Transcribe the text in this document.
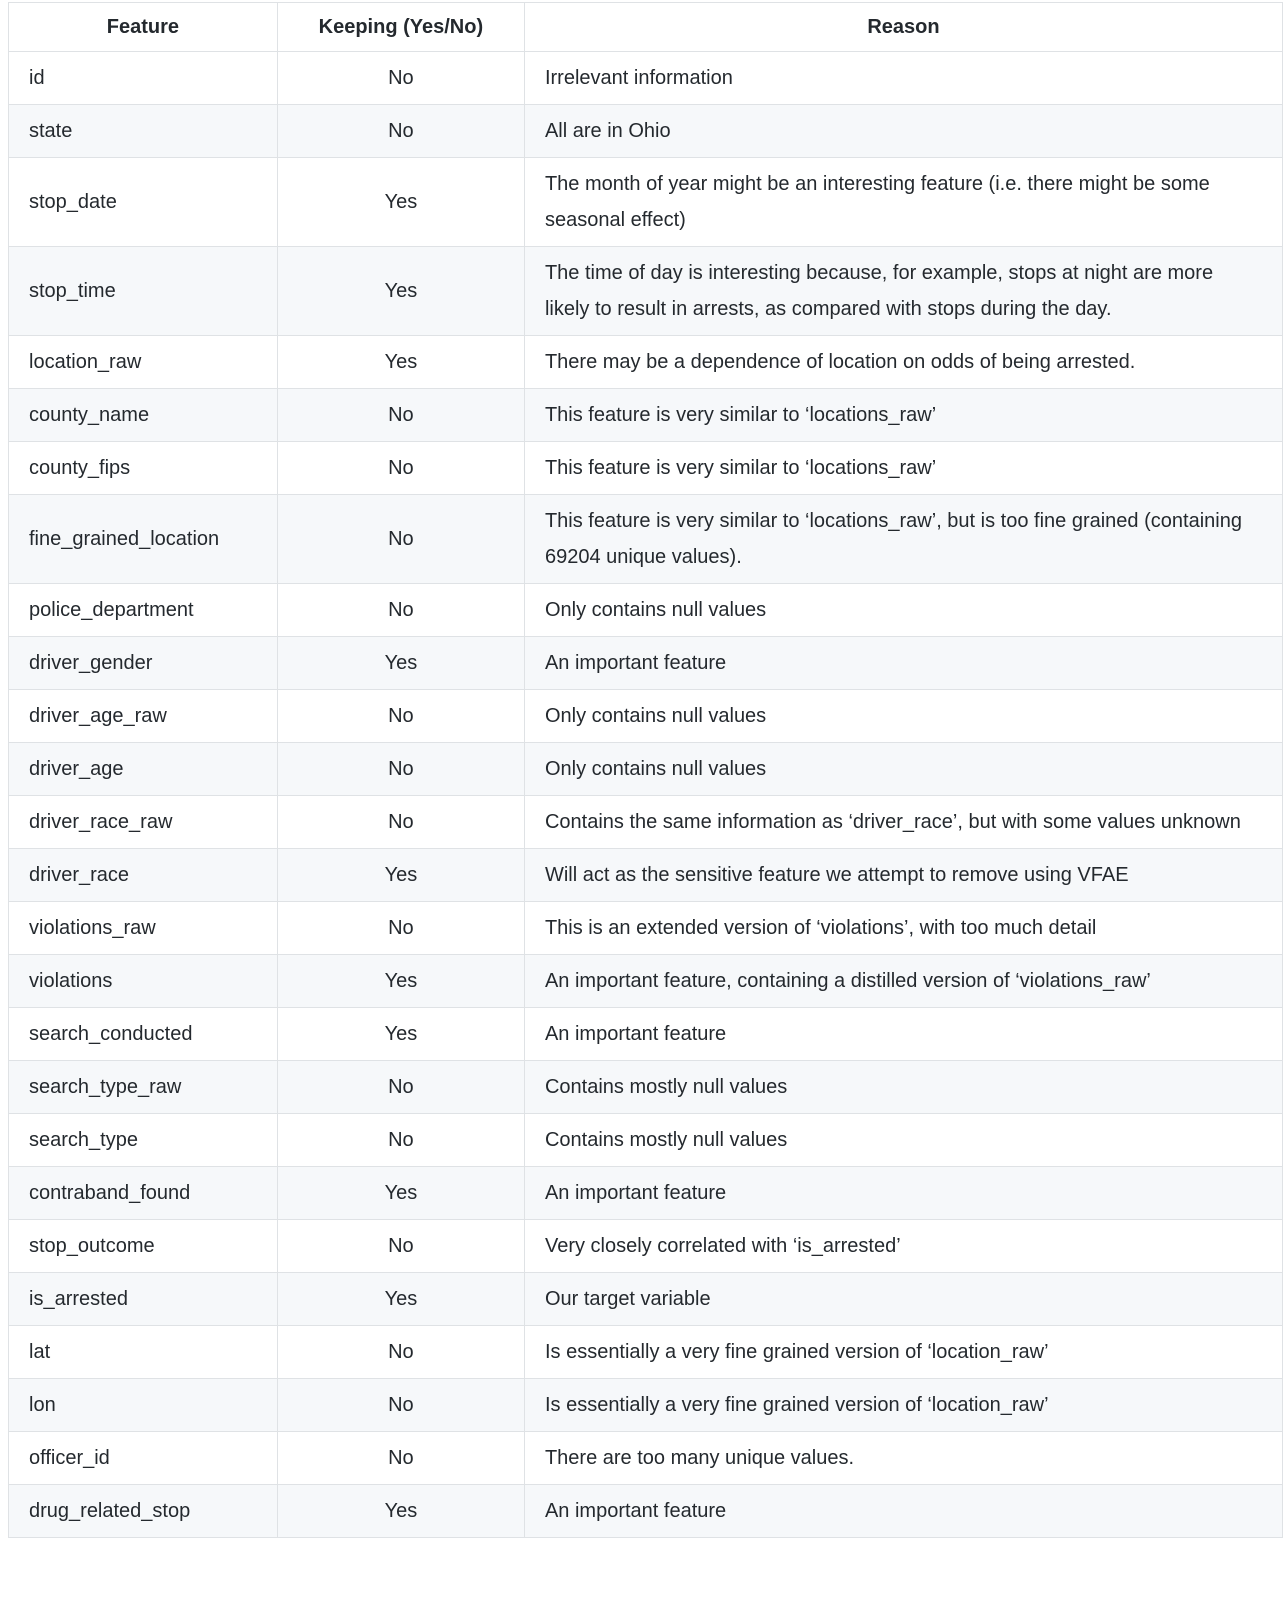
Feature	Keeping (Yes/No)	Reason
id	No	Irrelevant information
state	No	All are in Ohio
stop_date	Yes	The month of year might be an interesting feature (i.e. there might be some seasonal effect)
stop_time	Yes	The time of day is interesting because, for example, stops at night are more likely to result in arrests, as compared with stops during the day.
location_raw	Yes	There may be a dependence of location on odds of being arrested.
county_name	No	This feature is very similar to ‘locations_raw’
county_fips	No	This feature is very similar to ‘locations_raw’
fine_grained_location	No	This feature is very similar to ‘locations_raw’, but is too fine grained (containing 69204 unique values).
police_department	No	Only contains null values
driver_gender	Yes	An important feature
driver_age_raw	No	Only contains null values
driver_age	No	Only contains null values
driver_race_raw	No	Contains the same information as ‘driver_race’, but with some values unknown
driver_race	Yes	Will act as the sensitive feature we attempt to remove using VFAE
violations_raw	No	This is an extended version of ‘violations’, with too much detail
violations	Yes	An important feature, containing a distilled version of ‘violations_raw’
search_conducted	Yes	An important feature
search_type_raw	No	Contains mostly null values
search_type	No	Contains mostly null values
contraband_found	Yes	An important feature
stop_outcome	No	Very closely correlated with ‘is_arrested’
is_arrested	Yes	Our target variable
lat	No	Is essentially a very fine grained version of ‘location_raw’
lon	No	Is essentially a very fine grained version of ‘location_raw’
officer_id	No	There are too many unique values.
drug_related_stop	Yes	An important feature
